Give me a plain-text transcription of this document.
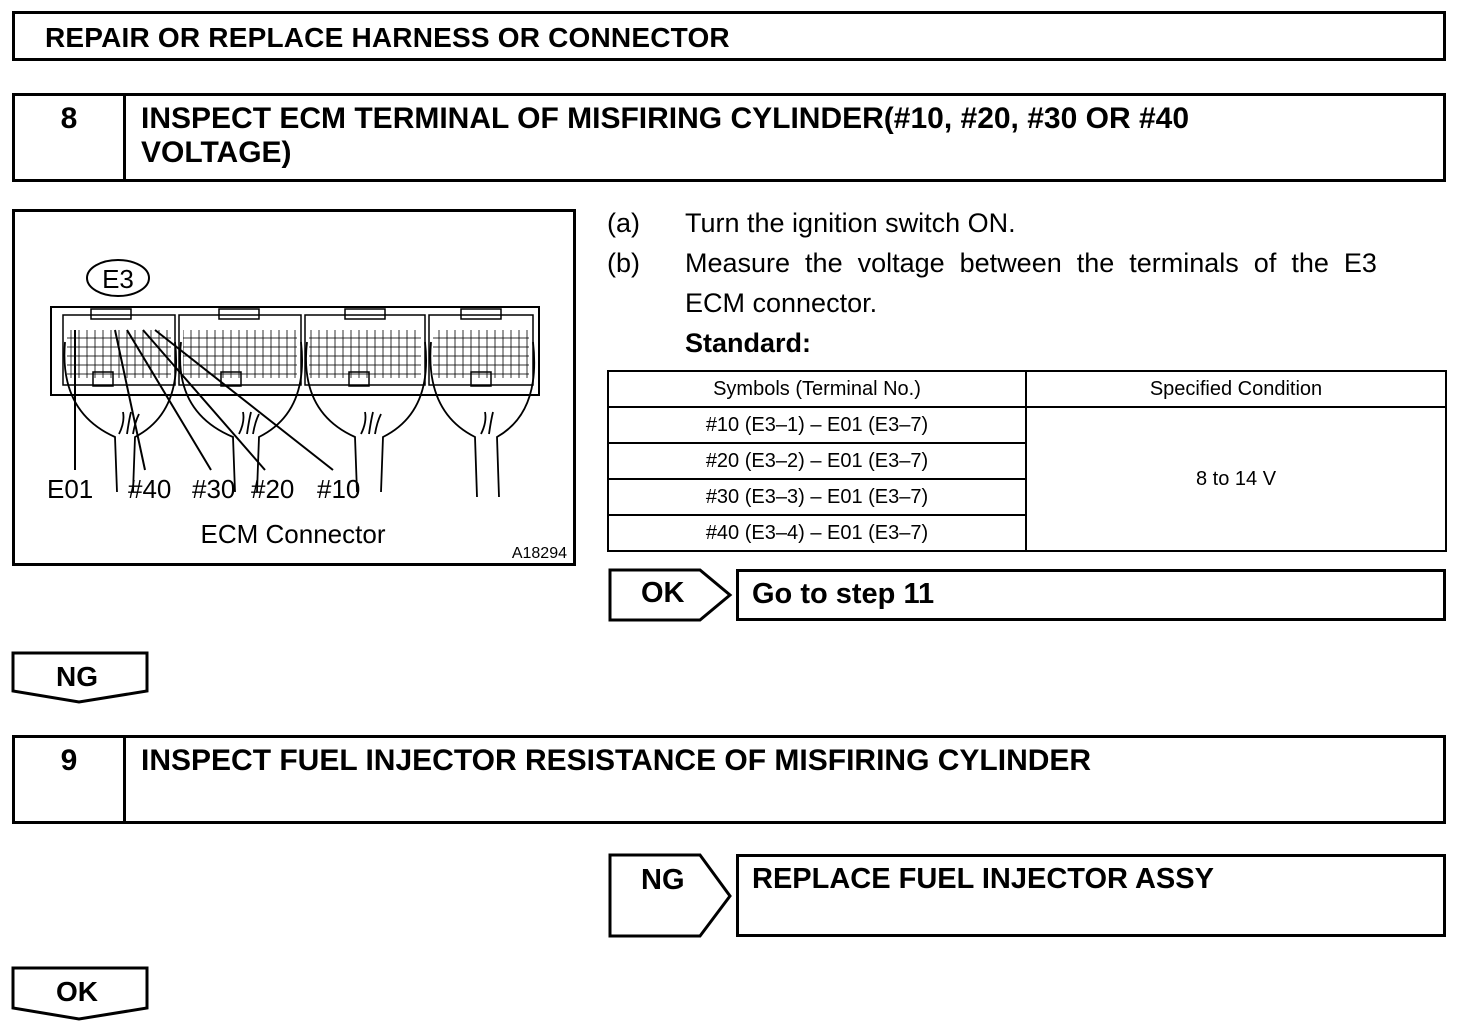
REPAIR OR REPLACE HARNESS OR CONNECTOR
8	INSPECT ECM TERMINAL OF MISFIRING CYLINDER(#10, #20, #30 OR #40
VOLTAGE)
E3
E01 #40 #30 #20 #10
ECM Connector
A18294
(a) Turn the ignition switch ON.
(b) Measure  the  voltage  between  the  terminals  of  the  E3
ECM connector.
Standard:
Symbols (Terminal No.)	Specified Condition
#10 (E3–1) – E01 (E3–7)	8 to 14 V
#20 (E3–2) – E01 (E3–7)	
#30 (E3–3) – E01 (E3–7)	
#40 (E3–4) – E01 (E3–7)	
OK Go to step 11
NG
9	INSPECT FUEL INJECTOR RESISTANCE OF MISFIRING CYLINDER
NG REPLACE FUEL INJECTOR ASSY
OK
